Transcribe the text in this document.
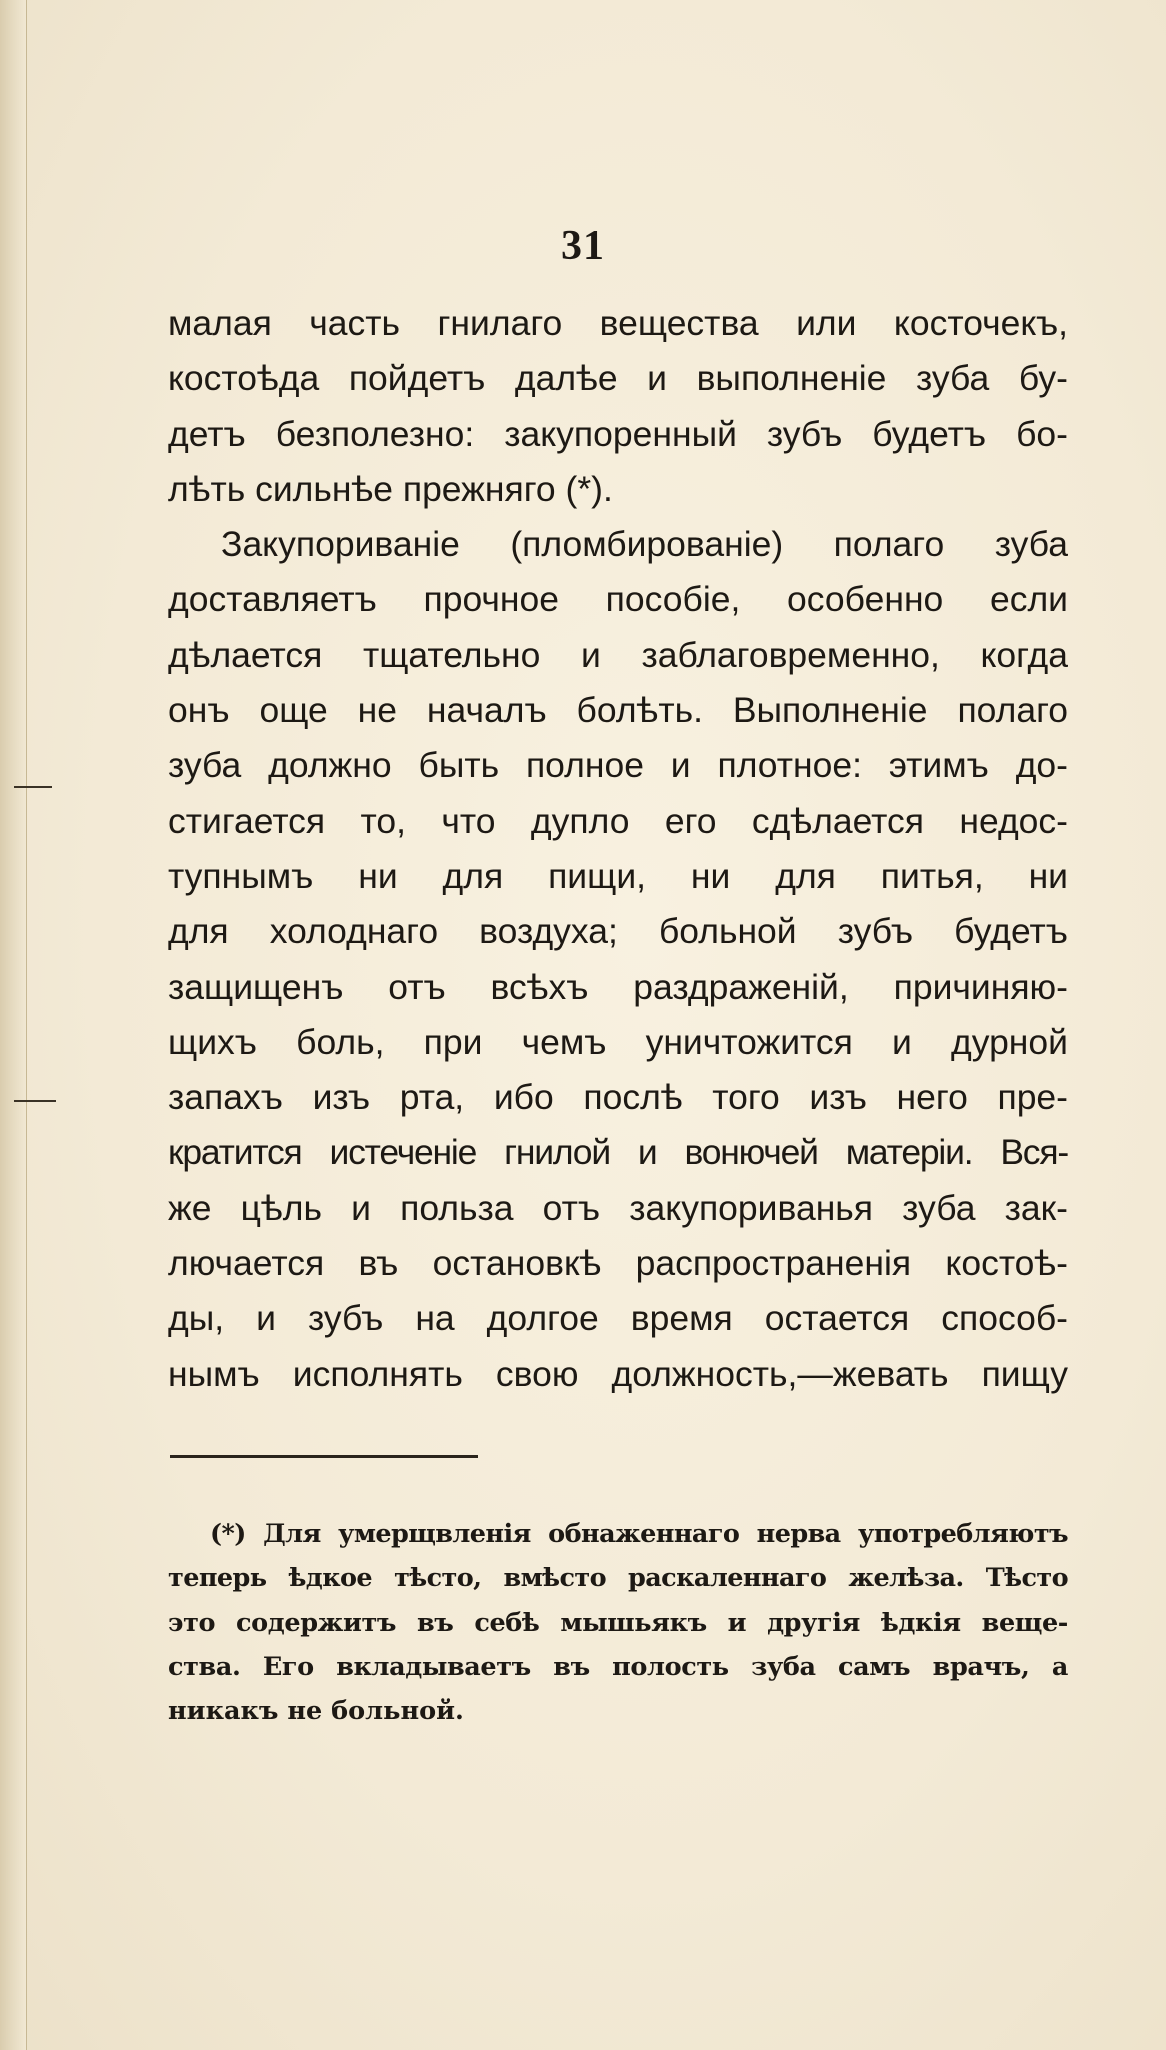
31
малая часть гнилаго вещества или косточекъ,
костоѣда пойдетъ далѣе и выполненіе зуба бу-
детъ безполезно: закупоренный зубъ будетъ бо-
лѣть сильнѣе прежняго (*).
Закупориваніе (пломбированіе) полаго зуба
доставляетъ прочное пособіе, особенно если
дѣлается тщательно и заблаговременно, когда
онъ още не началъ болѣть. Выполненіе полаго
зуба должно быть полное и плотное: этимъ до-
стигается то, что дупло его сдѣлается недос-
тупнымъ ни для пищи, ни для питья, ни
для холоднаго воздуха; больной зубъ будетъ
защищенъ отъ всѣхъ раздраженій, причиняю-
щихъ боль, при чемъ уничтожится и дурной
запахъ изъ рта, ибо послѣ того изъ него пре-
кратится истеченіе гнилой и вонючей матеріи. Вся-
же цѣль и польза отъ закупориванья зуба зак-
лючается въ остановкѣ распространенія костоѣ-
ды, и зубъ на долгое время остается способ-
нымъ исполнять свою должность,—жевать пищу
(*) Для умерщвленія обнаженнаго нерва употребляютъ
теперь ѣдкое тѣсто, вмѣсто раскаленнаго желѣза. Тѣсто
это содержитъ въ себѣ мышьякъ и другія ѣдкія веще-
ства. Его вкладываетъ въ полость зуба самъ врачъ, а
никакъ не больной.
